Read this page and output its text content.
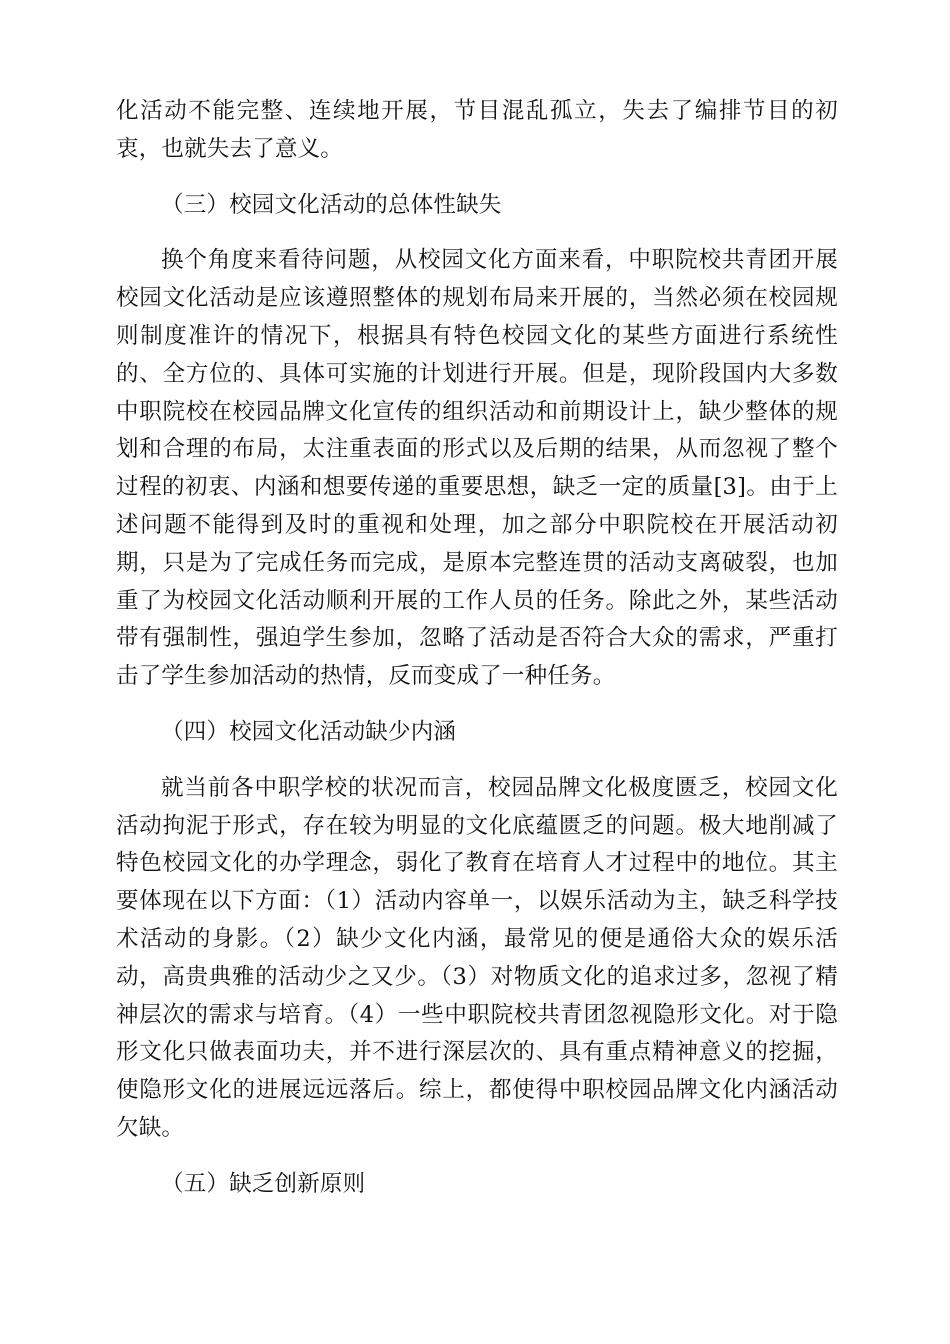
化活动不能完整、连续地开展，节目混乱孤立，失去了编排节目的初衷，也就失去了意义。

（三）校园文化活动的总体性缺失

换个角度来看待问题，从校园文化方面来看，中职院校共青团开展校园文化活动是应该遵照整体的规划布局来开展的，当然必须在校园规则制度准许的情况下，根据具有特色校园文化的某些方面进行系统性的、全方位的、具体可实施的计划进行开展。但是，现阶段国内大多数中职院校在校园品牌文化宣传的组织活动和前期设计上，缺少整体的规划和合理的布局，太注重表面的形式以及后期的结果，从而忽视了整个过程的初衷、内涵和想要传递的重要思想，缺乏一定的质量[3]。由于上述问题不能得到及时的重视和处理，加之部分中职院校在开展活动初期，只是为了完成任务而完成，是原本完整连贯的活动支离破裂，也加重了为校园文化活动顺利开展的工作人员的任务。除此之外，某些活动带有强制性，强迫学生参加，忽略了活动是否符合大众的需求，严重打击了学生参加活动的热情，反而变成了一种任务。

（四）校园文化活动缺少内涵

就当前各中职学校的状况而言，校园品牌文化极度匮乏，校园文化活动拘泥于形式，存在较为明显的文化底蕴匮乏的问题。极大地削减了特色校园文化的办学理念，弱化了教育在培育人才过程中的地位。其主要体现在以下方面：（1）活动内容单一，以娱乐活动为主，缺乏科学技术活动的身影。（2）缺少文化内涵，最常见的便是通俗大众的娱乐活动，高贵典雅的活动少之又少。（3）对物质文化的追求过多，忽视了精神层次的需求与培育。（4）一些中职院校共青团忽视隐形文化。对于隐形文化只做表面功夫，并不进行深层次的、具有重点精神意义的挖掘，使隐形文化的进展远远落后。综上，都使得中职校园品牌文化内涵活动欠缺。

（五）缺乏创新原则
